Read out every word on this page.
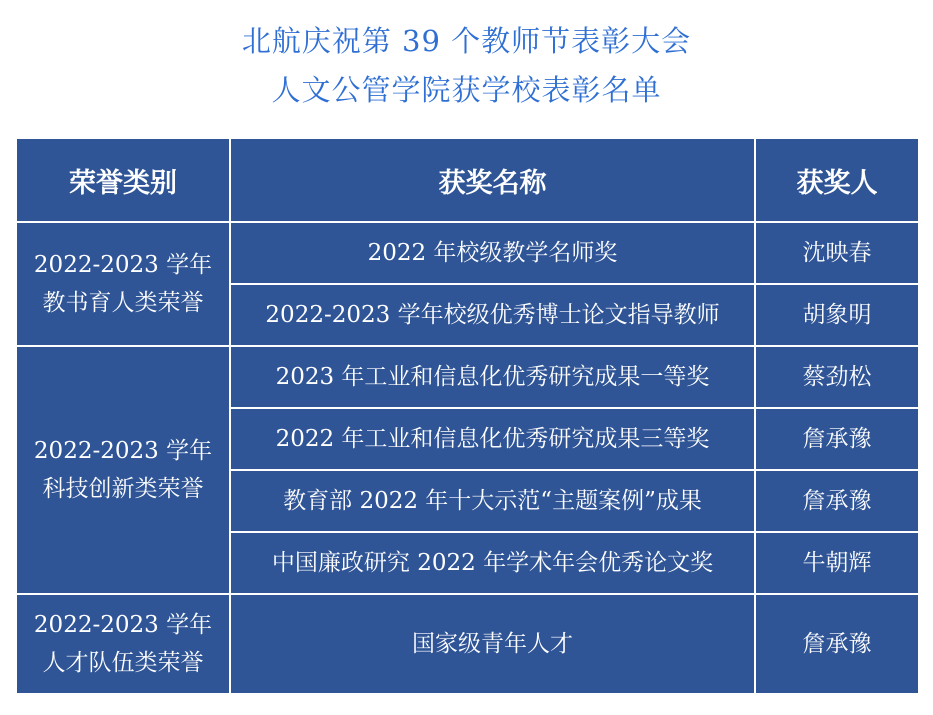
北航庆祝第 39 个教师节表彰大会
人文公管学院获学校表彰名单
荣誉类别	获奖名称	获奖人
2022-2023 学年
教书育人类荣誉	2022 年校级教学名师奖	沈映春
	2022-2023 学年校级优秀博士论文指导教师	胡象明
2022-2023 学年
科技创新类荣誉	2023 年工业和信息化优秀研究成果一等奖	蔡劲松
	2022 年工业和信息化优秀研究成果三等奖	詹承豫
	教育部 2022 年十大示范“主题案例”成果	詹承豫
	中国廉政研究 2022 年学术年会优秀论文奖	牛朝辉
2022-2023 学年
人才队伍类荣誉	国家级青年人才	詹承豫
